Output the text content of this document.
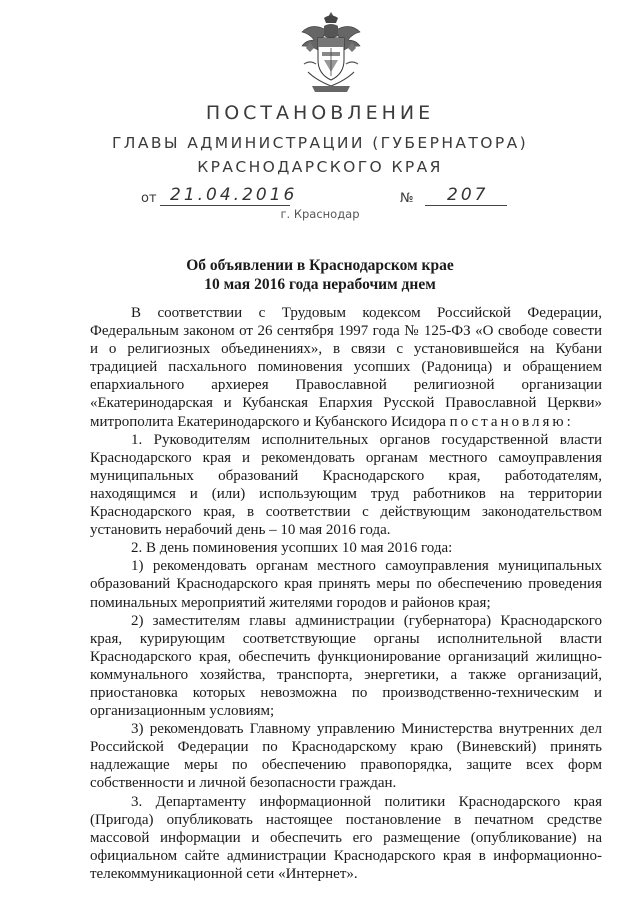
ПОСТАНОВЛЕНИЕ
ГЛАВЫ АДМИНИСТРАЦИИ (ГУБЕРНАТОРА)
КРАСНОДАРСКОГО КРАЯ
от 21.04.2016	№ 207
г. Краснодар
Об объявлении в Краснодарском крае
10 мая 2016 года нерабочим днем

В соответствии с Трудовым кодексом Российской Федерации, Федеральным законом от 26 сентября 1997 года № 125-ФЗ «О свободе совести и о религиозных объединениях», в связи с установившейся на Кубани традицией пасхального поминовения усопших (Радоница) и обращением епархиального архиерея Православной религиозной организации «Екатеринодарская и Кубанская Епархия Русской Православной Церкви» митрополита Екатеринодарского и Кубанского Исидора постановляю:

1. Руководителям исполнительных органов государственной власти Краснодарского края и рекомендовать органам местного самоуправления муниципальных образований Краснодарского края, работодателям, находящимся и (или) использующим труд работников на территории Краснодарского края, в соответствии с действующим законодательством установить нерабочий день – 10 мая 2016 года.

2. В день поминовения усопших 10 мая 2016 года:

1) рекомендовать органам местного самоуправления муниципальных образований Краснодарского края принять меры по обеспечению проведения поминальных мероприятий жителями городов и районов края;

2) заместителям главы администрации (губернатора) Краснодарского края, курирующим соответствующие органы исполнительной власти Краснодарского края, обеспечить функционирование организаций жилищно-коммунального хозяйства, транспорта, энергетики, а также организаций, приостановка которых невозможна по производственно-техническим и организационным условиям;

3) рекомендовать Главному управлению Министерства внутренних дел Российской Федерации по Краснодарскому краю (Виневский) принять надлежащие меры по обеспечению правопорядка, защите всех форм собственности и личной безопасности граждан.

3. Департаменту информационной политики Краснодарского края (Пригода) опубликовать настоящее постановление в печатном средстве массовой информации и обеспечить его размещение (опубликование) на официальном сайте администрации Краснодарского края в информационно-телекоммуникационной сети «Интернет».
